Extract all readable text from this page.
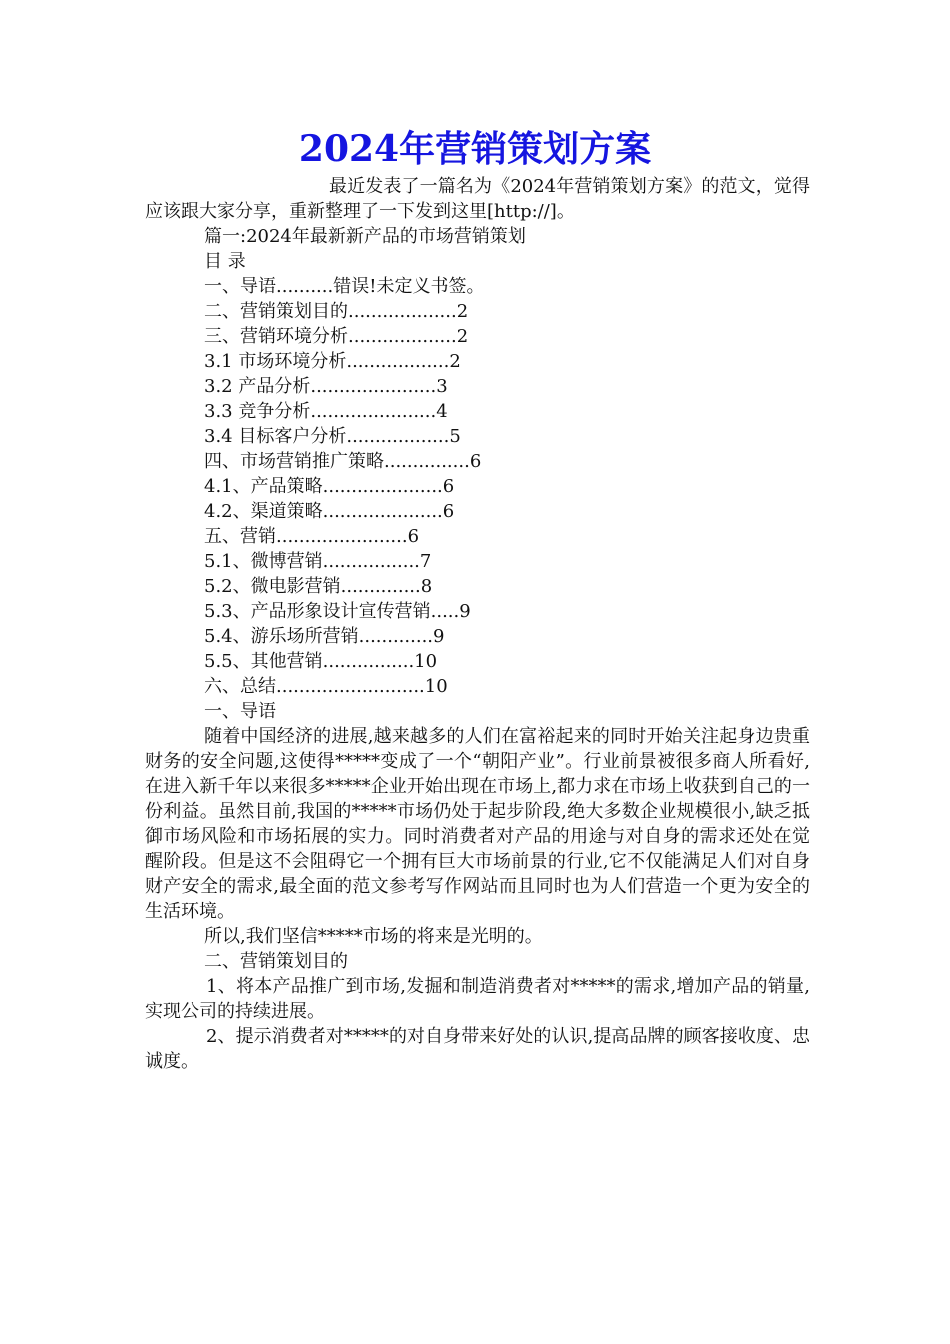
2024年营销策划方案
最近发表了一篇名为《2024年营销策划方案》的范文，觉得应该跟大家分享，重新整理了一下发到这里[http://]。
篇一:2024年最新新产品的市场营销策划
目 录
一、导语..........错误!未定义书签。
二、营销策划目的...................2
三、营销环境分析...................2
3.1 市场环境分析..................2
3.2 产品分析......................3
3.3 竞争分析......................4
3.4 目标客户分析..................5
四、市场营销推广策略...............6
4.1、产品策略.....................6
4.2、渠道策略.....................6
五、营销.......................6
5.1、微博营销.................7
5.2、微电影营销..............8
5.3、产品形象设计宣传营销.....9
5.4、游乐场所营销.............9
5.5、其他营销................10
六、总结..........................10
一、导语
随着中国经济的进展,越来越多的人们在富裕起来的同时开始关注起身边贵重财务的安全问题,这使得*****变成了一个“朝阳产业”。行业前景被很多商人所看好,在进入新千年以来很多*****企业开始出现在市场上,都力求在市场上收获到自己的一份利益。虽然目前,我国的*****市场仍处于起步阶段,绝大多数企业规模很小,缺乏抵御市场风险和市场拓展的实力。同时消费者对产品的用途与对自身的需求还处在觉醒阶段。但是这不会阻碍它一个拥有巨大市场前景的行业,它不仅能满足人们对自身财产安全的需求,最全面的范文参考写作网站而且同时也为人们营造一个更为安全的生活环境。
所以,我们坚信*****市场的将来是光明的。
二、营销策划目的
1、将本产品推广到市场,发掘和制造消费者对*****的需求,增加产品的销量,实现公司的持续进展。
2、提示消费者对*****的对自身带来好处的认识,提高品牌的顾客接收度、忠诚度。
